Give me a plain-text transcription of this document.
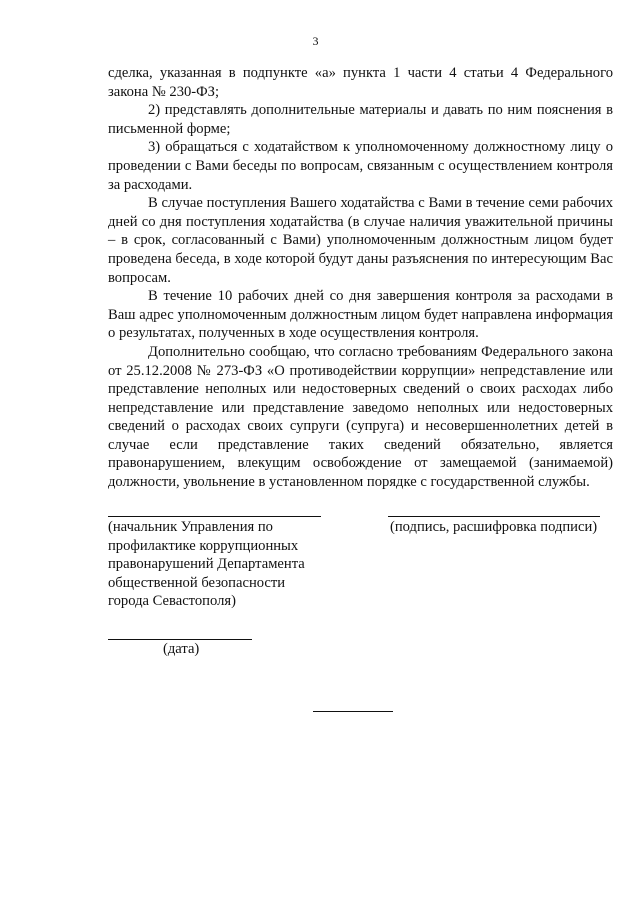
3

сделка, указанная в подпункте «а» пункта 1 части 4 статьи 4 Федерального закона № 230-ФЗ;

2) представлять дополнительные материалы и давать по ним пояснения в письменной форме;

3) обращаться с ходатайством к уполномоченному должностному лицу о проведении с Вами беседы по вопросам, связанным с осуществлением контроля за расходами.

В случае поступления Вашего ходатайства с Вами в течение семи рабочих дней со дня поступления ходатайства (в случае наличия уважительной причины – в срок, согласованный с Вами) уполномоченным должностным лицом будет проведена беседа, в ходе которой будут даны разъяснения по интересующим Вас вопросам.

В течение 10 рабочих дней со дня завершения контроля за расходами в Ваш адрес уполномоченным должностным лицом будет направлена информация о результатах, полученных в ходе осуществления контроля.

Дополнительно сообщаю, что согласно требованиям Федерального закона от 25.12.2008 № 273-ФЗ «О противодействии коррупции» непредставление или представление неполных или недостоверных сведений о своих расходах либо непредставление или представление заведомо неполных или недостоверных сведений о расходах своих супруги (супруга) и несовершеннолетних детей в случае если представление таких сведений обязательно, является правонарушением, влекущим освобождение от замещаемой (занимаемой) должности, увольнение в установленном порядке с государственной службы.

(начальник Управления по
профилактике коррупционных
правонарушений Департамента
общественной безопасности
города Севастополя)
(подпись, расшифровка подписи)
(дата)
